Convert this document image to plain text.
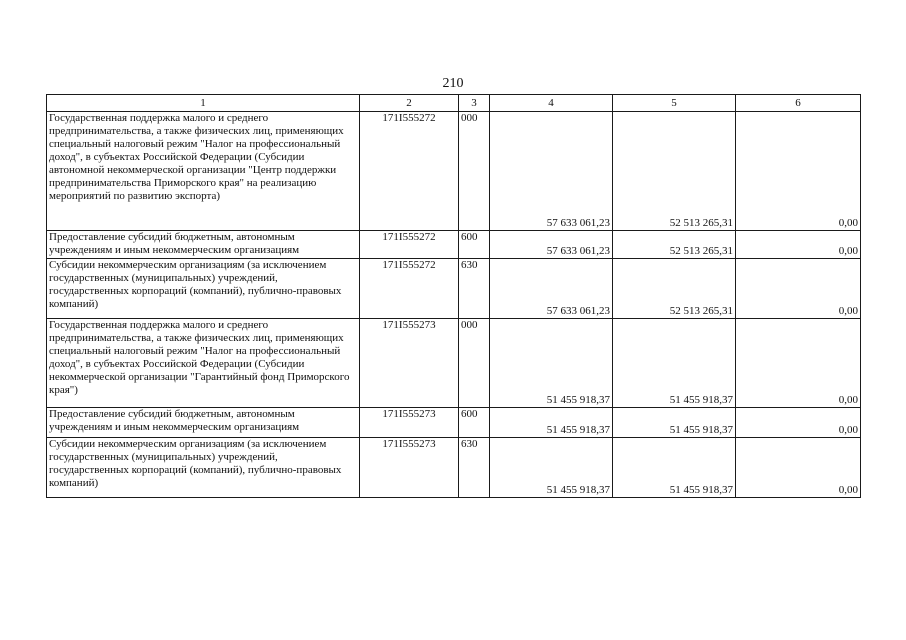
210
1	2	3	4	5	6
Государственная поддержка малого и среднего предпринимательства, а также физических лиц, применяющих специальный налоговый режим "Налог на профессиональный доход", в субъектах Российской Федерации (Субсидии автономной некоммерческой организации "Центр поддержки предпринимательства Приморского края" на реализацию мероприятий по развитию экспорта)	171I555272	000	57 633 061,23	52 513 265,31	0,00
Предоставление субсидий бюджетным, автономным учреждениям и иным некоммерческим организациям	171I555272	600	57 633 061,23	52 513 265,31	0,00
Субсидии некоммерческим организациям (за исключением государственных (муниципальных) учреждений, государственных корпораций (компаний), публично-правовых компаний)	171I555272	630	57 633 061,23	52 513 265,31	0,00
Государственная поддержка малого и среднего предпринимательства, а также физических лиц, применяющих специальный налоговый режим "Налог на профессиональный доход", в субъектах Российской Федерации (Субсидии некоммерческой организации "Гарантийный фонд Приморского края")	171I555273	000	51 455 918,37	51 455 918,37	0,00
Предоставление субсидий бюджетным, автономным учреждениям и иным некоммерческим организациям	171I555273	600	51 455 918,37	51 455 918,37	0,00
Субсидии некоммерческим организациям (за исключением государственных (муниципальных) учреждений, государственных корпораций (компаний), публично-правовых компаний)	171I555273	630	51 455 918,37	51 455 918,37	0,00
